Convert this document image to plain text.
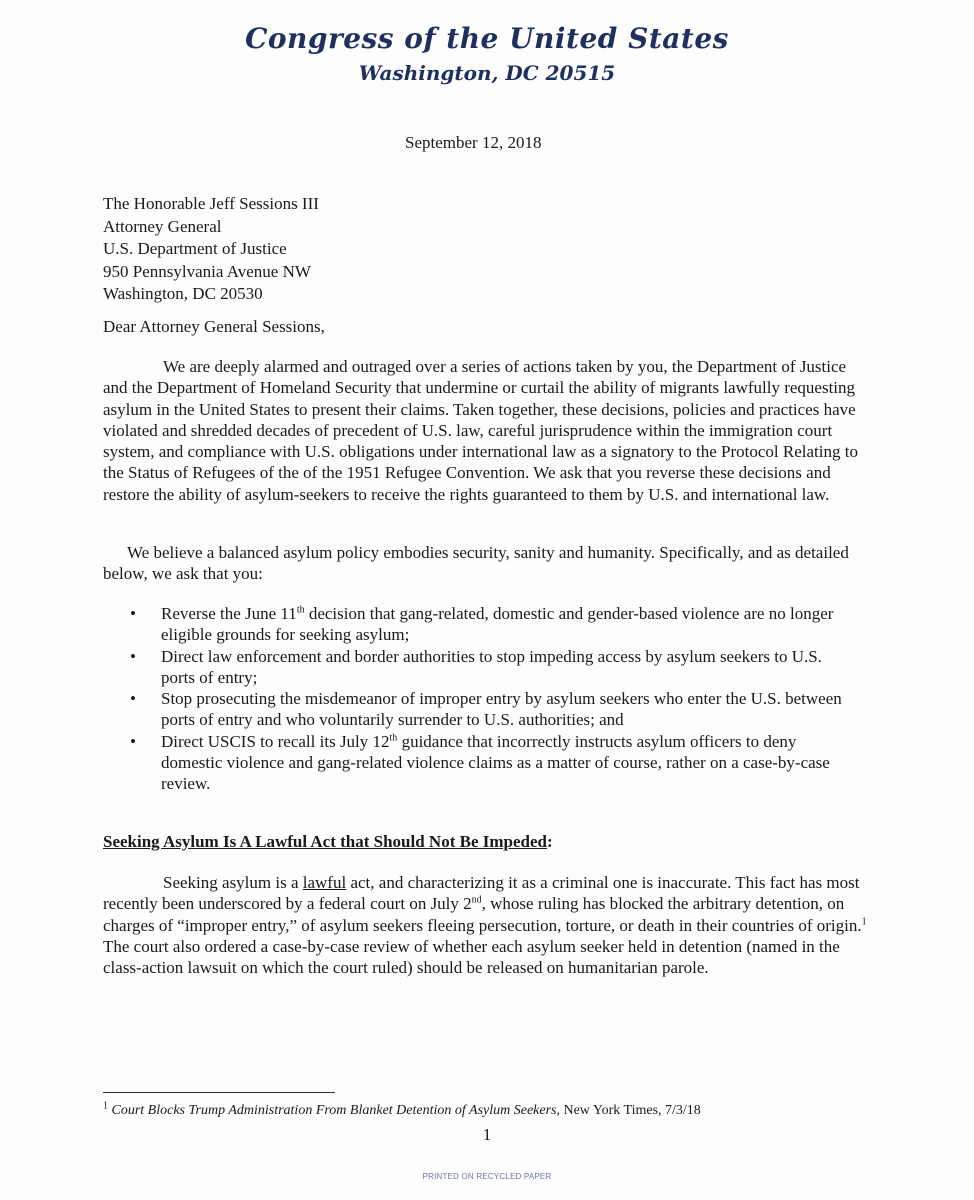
Congress of the United States
Washington, DC 20515
September 12, 2018
The Honorable Jeff Sessions III
Attorney General
U.S. Department of Justice
950 Pennsylvania Avenue NW
Washington, DC 20530
Dear Attorney General Sessions,
We are deeply alarmed and outraged over a series of actions taken by you, the Department of Justice and the Department of Homeland Security that undermine or curtail the ability of migrants lawfully requesting asylum in the United States to present their claims. Taken together, these decisions, policies and practices have violated and shredded decades of precedent of U.S. law, careful jurisprudence within the immigration court system, and compliance with U.S. obligations under international law as a signatory to the Protocol Relating to the Status of Refugees of the of the 1951 Refugee Convention. We ask that you reverse these decisions and restore the ability of asylum-seekers to receive the rights guaranteed to them by U.S. and international law.
We believe a balanced asylum policy embodies security, sanity and humanity. Specifically, and as detailed below, we ask that you:
• Reverse the June 11th decision that gang-related, domestic and gender-based violence are no longer eligible grounds for seeking asylum;
• Direct law enforcement and border authorities to stop impeding access by asylum seekers to U.S. ports of entry;
• Stop prosecuting the misdemeanor of improper entry by asylum seekers who enter the U.S. between ports of entry and who voluntarily surrender to U.S. authorities; and
• Direct USCIS to recall its July 12th guidance that incorrectly instructs asylum officers to deny domestic violence and gang-related violence claims as a matter of course, rather on a case-by-case review.
Seeking Asylum Is A Lawful Act that Should Not Be Impeded:
Seeking asylum is a lawful act, and characterizing it as a criminal one is inaccurate. This fact has most recently been underscored by a federal court on July 2nd, whose ruling has blocked the arbitrary detention, on charges of “improper entry,” of asylum seekers fleeing persecution, torture, or death in their countries of origin.$^1$ The court also ordered a case-by-case review of whether each asylum seeker held in detention (named in the class-action lawsuit on which the court ruled) should be released on humanitarian parole.
$^1$ Court Blocks Trump Administration From Blanket Detention of Asylum Seekers, New York Times, 7/3/18
1
PRINTED ON RECYCLED PAPER
